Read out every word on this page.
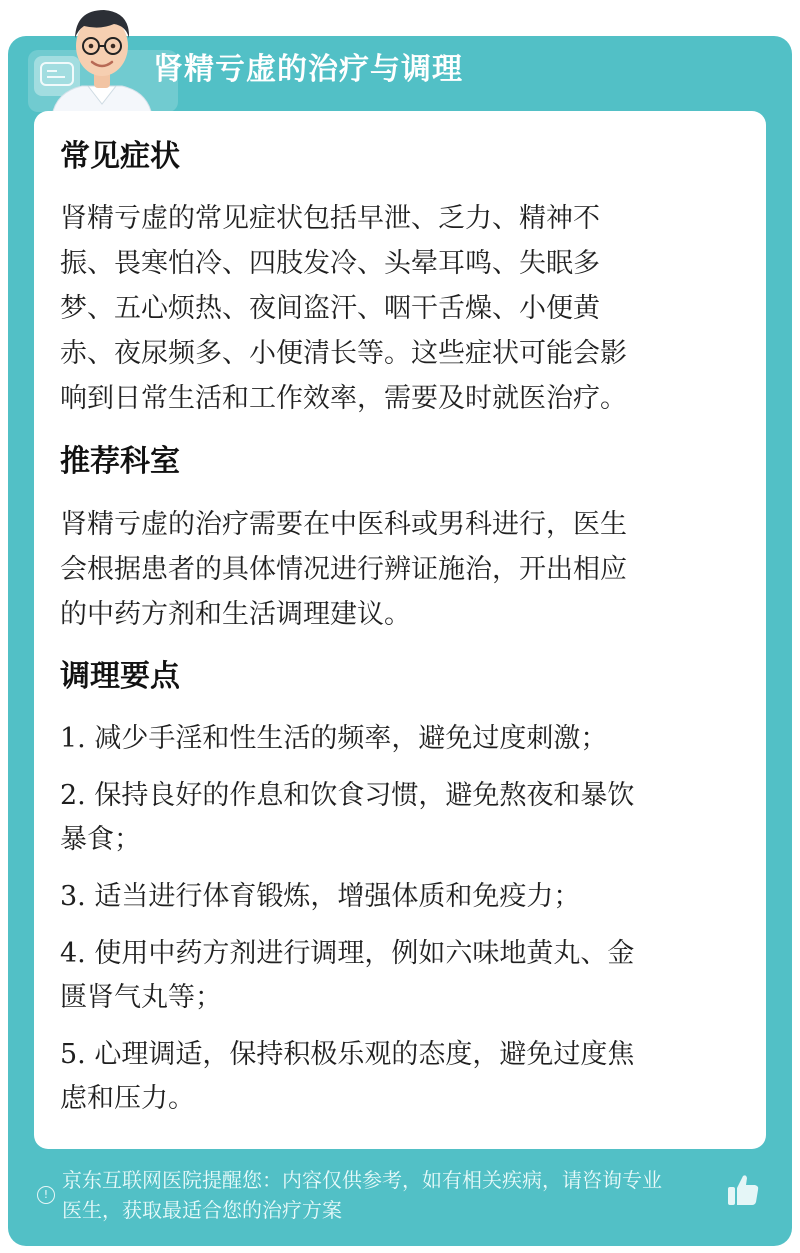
肾精亏虚的治疗与调理
常见症状

肾精亏虚的常见症状包括早泄、乏力、精神不

振、畏寒怕冷、四肢发冷、头晕耳鸣、失眠多

梦、五心烦热、夜间盗汗、咽干舌燥、小便黄

赤、夜尿频多、小便清长等。这些症状可能会影

响到日常生活和工作效率，需要及时就医治疗。

推荐科室

肾精亏虚的治疗需要在中医科或男科进行，医生

会根据患者的具体情况进行辨证施治，开出相应

的中药方剂和生活调理建议。

调理要点

1. 减少手淫和性生活的频率，避免过度刺激；

2. 保持良好的作息和饮食习惯，避免熬夜和暴饮

暴食；

3. 适当进行体育锻炼，增强体质和免疫力；

4. 使用中药方剂进行调理，例如六味地黄丸、金

匮肾气丸等；

5. 心理调适，保持积极乐观的态度，避免过度焦

虑和压力。

!
京东互联网医院提醒您：内容仅供参考，如有相关疾病，请咨询专业
医生，获取最适合您的治疗方案
